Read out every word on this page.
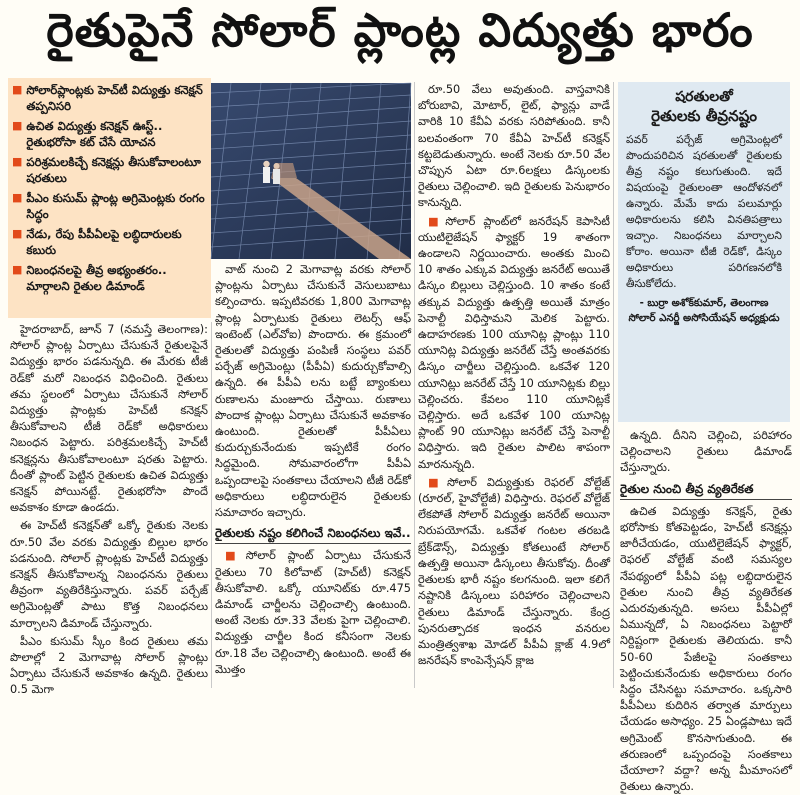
రైతుపైనే సోలార్‌ ప్లాంట్ల విద్యుత్తు భారం
■ సోలార్‌ప్లాంట్లకు హెచ్‌టీ విద్యుత్తు కనెక్షన్‌ తప్పనిసరి
■ ఉచిత విద్యుత్తు కనెక్షన్‌ ఊస్ట్‌.. రైతుభరోసా కట్‌ చేసే యోచన
■ పరిశ్రమలకిచ్చే కనెక్షన్లు తీసుకోవాలంటూ షరతులు
■ పీఎం కుసుమ్‌ ప్లాంట్ల అగ్రిమెంట్లకు రంగం సిద్ధం
■ నేడు, రేపు పీపీఏలపై లబ్ధిదారులకు కబురు
■ నిబంధనలపై తీవ్ర అభ్యంతరం.. మార్గాలని రైతుల డిమాండ్‌

హైదరాబాద్‌, జూన్‌ 7 (నమస్తే తెలంగాణ): సోలార్‌ ప్లాంట్ల ఏర్పాటు చేసుకునే రైతులపైనే విద్యుత్తు భారం పడనున్నది. ఈ మేరకు టీజీ రెడ్‌కో మరో నిబంధన విధించింది. రైతులు తమ స్థలంలో ఏర్పాటు చేసుకునే సోలార్‌ విద్యుత్తు ప్లాంట్లకు హెచ్‌టీ కనెక్షన్‌ తీసుకోవాలని టీజీ రెడ్‌కో అధికారులు నిబంధన పెట్టారు. పరిశ్రమలకిచ్చే హెచ్‌టీ కనెక్షన్లను తీసుకోవాలంటూ షరతు పెట్టారు. దీంతో ప్లాంట్‌ పెట్టిన రైతులకు ఉచిత విద్యుత్తు కనెక్షన్‌ పోయినట్టే. రైతుభరోసా పొందే అవకాశం కూడా ఉండదు.

ఈ హెచ్‌టీ కనెక్షన్‌తో ఒక్కో రైతుకు నెలకు రూ.50 వేల వరకు విద్యుత్తు బిల్లుల భారం పడనుంది. సోలార్‌ ప్లాంట్లకు హెచ్‌టీ విద్యుత్తు కనెక్షన్‌ తీసుకోవాలన్న నిబంధనను రైతులు తీవ్రంగా వ్యతిరేకిస్తున్నారు. పవర్‌ పర్చేజ్‌ అగ్రిమెంట్లతో పాటు కొత్త నిబంధనలు మార్చాలని డిమాండ్‌ చేస్తున్నారు.

పీఎం కుసుమ్‌ స్కీం కింద రైతులు తమ పొలాల్లో 2 మెగావాట్ల సోలార్‌ ప్లాంట్లు ఏర్పాటు చేసుకునే అవకాశం ఉన్నది. రైతులు 0.5 మెగా

వాట్‌ నుంచి 2 మెగావాట్ల వరకు సోలార్‌ ప్లాంట్లను ఏర్పాటు చేసుకునే వెసులుబాటు కల్పించారు. ఇప్పటివరకు 1,800 మెగావాట్ల ప్లాంట్ల ఏర్పాటుకు రైతులు లెటర్స్‌ ఆఫ్‌ ఇంటెంట్‌ (ఎల్‌వోఐ) పొందారు. ఈ క్రమంలో రైతులతో విద్యుత్తు పంపిణీ సంస్థలు పవర్‌ పర్చేజ్‌ అగ్రిమెంట్లు (పీపీఏ) కుదుర్చుకోవాల్సి ఉన్నది. ఈ పీపీఏ లను బట్టే బ్యాంకులు రుణాలను మంజూరు చేస్తాయి. రుణాలు పొందాక ప్లాంట్లు ఏర్పాటు చేసుకునే అవకాశం ఉంటుంది. రైతులతో పీపీఏలు కుదుర్చుకునేందుకు ఇప్పటికే రంగం సిద్ధమైంది. సోమవారంలోగా పీపీఏ ఒప్పందాలపై సంతకాలు చేయాలని టీజీ రెడ్‌కో అధికారులు లబ్ధిదారులైన రైతులకు సమాచారం ఇచ్చారు.

రైతులకు నష్టం కలిగించే నిబంధనలు ఇవే..

■ సోలార్‌ ప్లాంట్‌ ఏర్పాటు చేసుకునే రైతులు 70 కిలోవాట్‌ (హెచ్‌టీ) కనెక్షన్‌ తీసుకోవాలి. ఒక్కో యూనిట్‌కు రూ.475 డిమాండ్‌ చార్జీలను చెల్లించాల్సి ఉంటుంది. అంటే నెలకు రూ.33 వేలకు పైగా చెల్లించాలి. విద్యుత్తు చార్జీల కింద కనీసంగా నెలకు రూ.18 వేల చెల్లించాల్సి ఉంటుంది. అంటే ఈ మొత్తం

రూ.50 వేలు అవుతుంది. వాస్తవానికి బోరుబావి, మోటార్‌, లైట్‌, ఫ్యాన్లు వాడే వారికి 10 కేవీఏ వరకు సరిపోతుంది. కానీ బలవంతంగా 70 కేవీఏ హెచ్‌టీ కనెక్షన్‌ కట్టబెడుతున్నారు. అంటే నెలకు రూ.50 వేల చొప్పున ఏటా రూ.6లక్షలు డిస్కంలకు రైతులు చెల్లించాలి. ఇది రైతులకు పెనుభారం కానున్నది.

■ సోలార్‌ ప్లాంట్‌లో జనరేషన్‌ కెపాసిటీ యుటిలైజేషన్‌ ఫ్యాక్టర్‌ 19 శాతంగా ఉండాలని నిర్ణయించారు. అంతకు మించి 10 శాతం ఎక్కువ విద్యుత్తు జనరేట్‌ అయితే డిస్కం బిల్లులు చెల్లిస్తుంది. 10 శాతం కంటే తక్కువ విద్యుత్తు ఉత్పత్తి అయితే మాత్రం పెనాల్టీ విధిస్తామని మెలిక పెట్టారు. ఉదాహరణకు 100 యూనిట్ల ప్లాంట్లు 110 యూనిట్ల విద్యుత్తు జనరేట్‌ చేస్తే అంతవరకు డిస్కం చార్జీలు చెల్లిస్తుంది. ఒకవేళ 120 యూనిట్లు జనరేట్‌ చేస్తే 10 యూనిట్లకు బిల్లు చెల్లించరు. కేవలం 110 యూనిట్లకే చెల్లిస్తారు. అదే ఒకవేళ 100 యూనిట్ల ప్లాంట్‌ 90 యూనిట్లు జనరేట్‌ చేస్తే పెనాల్టీ విధిస్తారు. ఇది రైతుల పాలిట శాపంగా మారనున్నది.

■ సోలార్‌ విద్యుత్తుకు రెఫరల్‌ వోల్టేజ్‌ (రూరల్‌, హైవోల్టేజీ) విధిస్తారు. రెఫరల్‌ వోల్టేజ్‌ లేకపోతే సోలార్‌ విద్యుత్తు జనరేట్‌ అయినా నిరుపయోగమే. ఒకవేళ గంటల తరబడి బ్రేక్‌డౌన్స్‌, విద్యుత్తు కోతలుంటే సోలార్‌ ఉత్పత్తి అయినా డిస్కంలు తీసుకోవు. దీంతో రైతులకు భారీ నష్టం కలగనుంది. ఇలా కలిగే నష్టానికి డిస్కంలు పరిహారం చెల్లించాలని రైతులు డిమాండ్‌ చేస్తున్నారు. కేంద్ర పునరుత్పాదక ఇంధన వనరుల మంత్రిత్వశాఖ మోడల్‌ పీపీఏ క్లాజ్‌ 4.9లో జనరేషన్‌ కాంపెన్సేషన్‌ క్లాజ

షరతులతో
రైతులకు తీవ్రనష్టం
పవర్‌ పర్చేజ్‌ అగ్రిమెంట్లలో పొందుపరిచిన షరతులతో రైతులకు తీవ్ర నష్టం కలుగుతుంది. ఇదే విషయంపై రైతులంతా ఆందోళనలో ఉన్నారు. మేమే కాదు పలుమార్లు అధికారులను కలిసి వినతిపత్రాలు ఇచ్చాం. నిబంధనలు మార్చాలని కోరాం. అయినా టీజీ రెడ్‌కో, డిస్కం అధికారులు పరిగణనలోకి తీసుకోలేదు.
- బుర్రా అశోక్‌కుమార్‌, తెలంగాణ సోలార్‌ ఎనర్జీ అసోసియేషన్‌ అధ్యక్షుడు

ఉన్నది. దీనిని చెల్లించి, పరిహారం చెల్లించాలని రైతులు డిమాండ్‌ చేస్తున్నారు.

రైతుల నుంచి తీవ్ర వ్యతిరేకత

ఉచిత విద్యుత్తు కనెక్షన్‌, రైతు భరోసాకు కోతపెట్టడం, హెచ్‌టీ కనెక్షన్లు జారీచేయడం, యుటిలైజేషన్‌ ఫ్యాక్టర్‌, రెఫరల్‌ వోల్టేజ్‌ వంటి సమస్యల నేపథ్యంలో పీపీఏ పట్ల లబ్ధిదారులైన రైతుల నుంచి తీవ్ర వ్యతిరేకత ఎదురవుతున్నది. అసలు పీపీఏల్లో ఏమున్నదో, ఏ నిబంధనలు పెట్టారో నిర్దిష్టంగా రైతులకు తెలియదు. కానీ 50-60 పేజీలపై సంతకాలు పెట్టించుకునేందుకు అధికారులు రంగం సిద్ధం చేసినట్టు సమాచారం. ఒక్కసారి పీపీఏలు కుదిరిన తర్వాత మార్పులు చేయడం అసాధ్యం. 25 ఏండ్లపాటు ఇదే అగ్రిమెంట్‌ కొనసాగుతుంది. ఈ తరుణంలో ఒప్పందంపై సంతకాలు చేయాలా? వద్దా? అన్న మీమాంసలో రైతులు ఉన్నారు.
